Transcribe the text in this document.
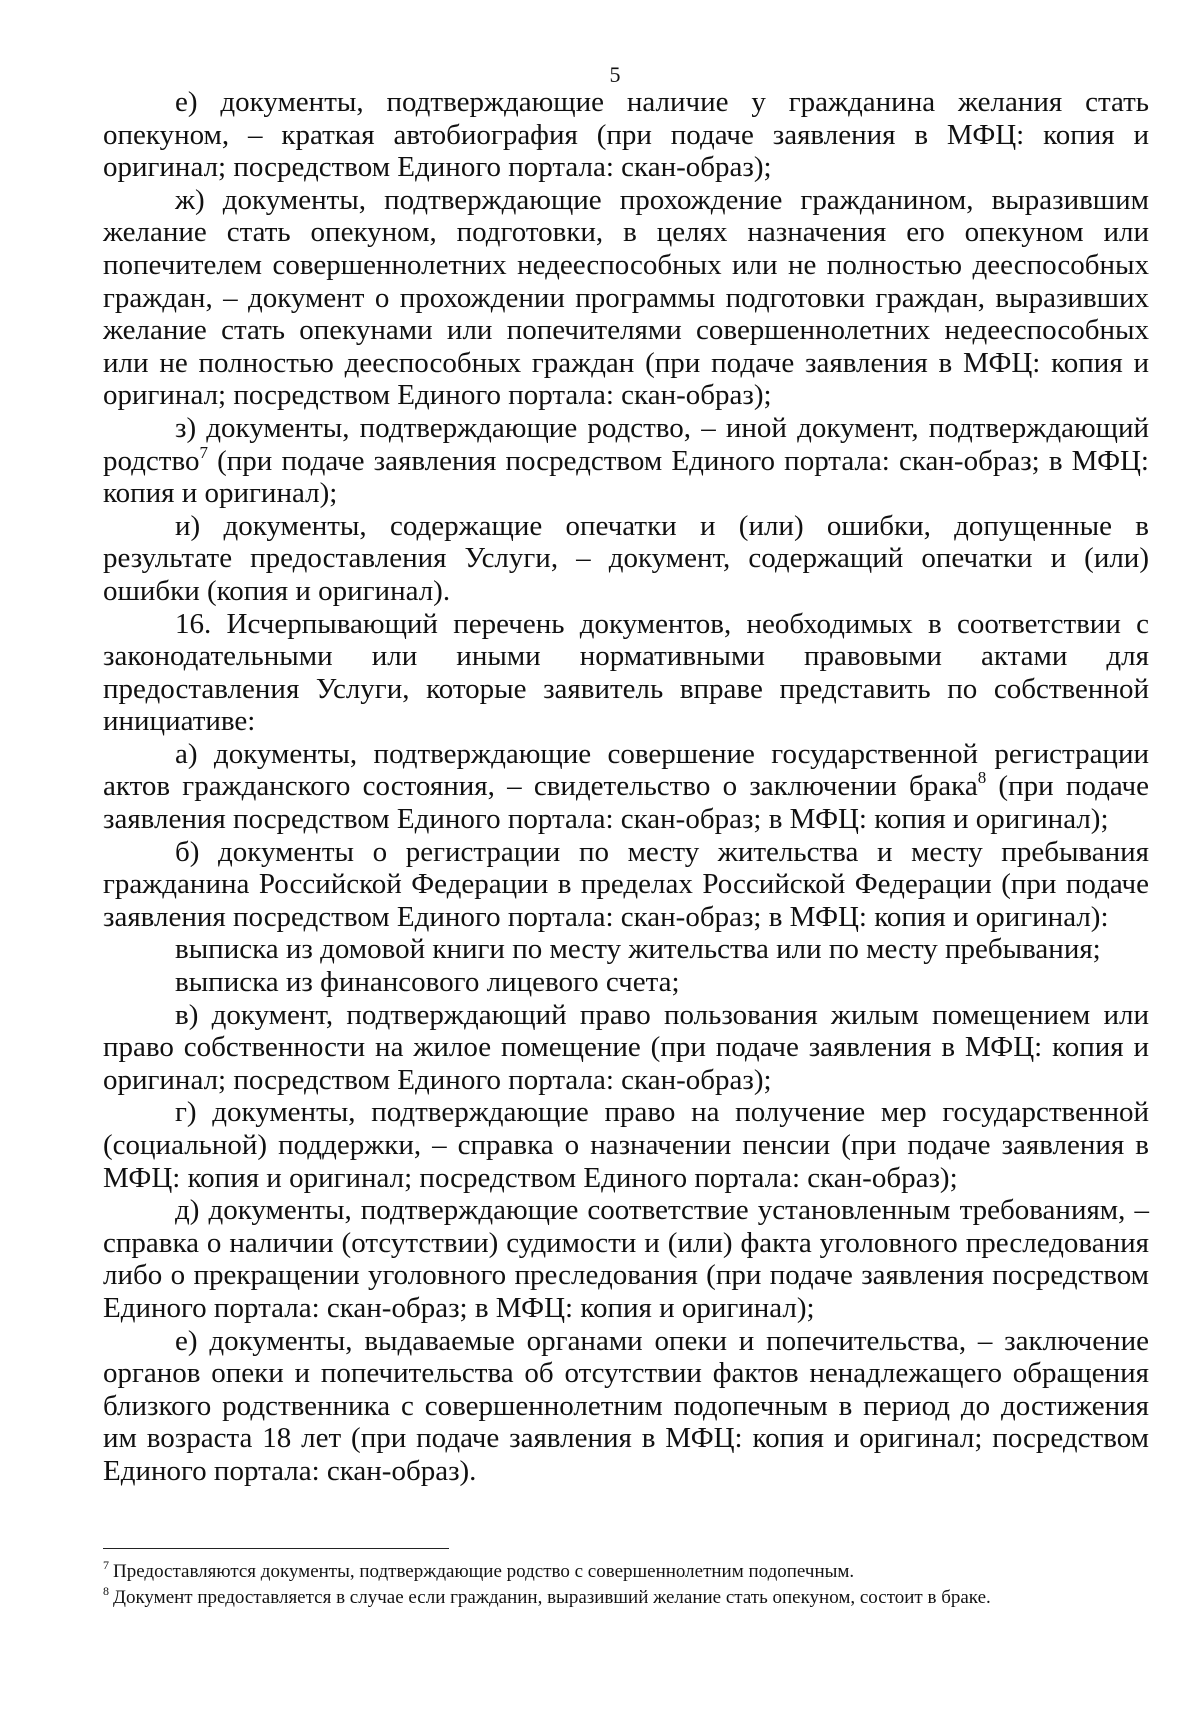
5

е) документы, подтверждающие наличие у гражданина желания стать опекуном, – краткая автобиография (при подаче заявления в МФЦ: копия и оригинал; посредством Единого портала: скан-образ);

ж) документы, подтверждающие прохождение гражданином, выразившим желание стать опекуном, подготовки, в целях назначения его опекуном или попечителем совершеннолетних недееспособных или не полностью дееспособных граждан, – документ о прохождении программы подготовки граждан, выразивших желание стать опекунами или попечителями совершеннолетних недееспособных или не полностью дееспособных граждан (при подаче заявления в МФЦ: копия и оригинал; посредством Единого портала: скан-образ);

з) документы, подтверждающие родство, – иной документ, подтверждающий родство$^7$ (при подаче заявления посредством Единого портала: скан-образ; в МФЦ: копия и оригинал);

и) документы, содержащие опечатки и (или) ошибки, допущенные в результате предоставления Услуги, – документ, содержащий опечатки и (или) ошибки (копия и оригинал).

16. Исчерпывающий перечень документов, необходимых в соответствии с законодательными или иными нормативными правовыми актами для предоставления Услуги, которые заявитель вправе представить по собственной инициативе:

а) документы, подтверждающие совершение государственной регистрации актов гражданского состояния, – свидетельство о заключении брака$^8$ (при подаче заявления посредством Единого портала: скан-образ; в МФЦ: копия и оригинал);

б) документы о регистрации по месту жительства и месту пребывания гражданина Российской Федерации в пределах Российской Федерации (при подаче заявления посредством Единого портала: скан-образ; в МФЦ: копия и оригинал):

выписка из домовой книги по месту жительства или по месту пребывания;

выписка из финансового лицевого счета;

в) документ, подтверждающий право пользования жилым помещением или право собственности на жилое помещение (при подаче заявления в МФЦ: копия и оригинал; посредством Единого портала: скан-образ);

г) документы, подтверждающие право на получение мер государственной (социальной) поддержки, – справка о назначении пенсии (при подаче заявления в МФЦ: копия и оригинал; посредством Единого портала: скан-образ);

д) документы, подтверждающие соответствие установленным требованиям, – справка о наличии (отсутствии) судимости и (или) факта уголовного преследования либо о прекращении уголовного преследования (при подаче заявления посредством Единого портала: скан-образ; в МФЦ: копия и оригинал);

е) документы, выдаваемые органами опеки и попечительства, – заключение органов опеки и попечительства об отсутствии фактов ненадлежащего обращения близкого родственника с совершеннолетним подопечным в период до достижения им возраста 18 лет (при подаче заявления в МФЦ: копия и оригинал; посредством Единого портала: скан-образ).

$^7$ Предоставляются документы, подтверждающие родство с совершеннолетним подопечным.

$^8$ Документ предоставляется в случае если гражданин, выразивший желание стать опекуном, состоит в браке.
